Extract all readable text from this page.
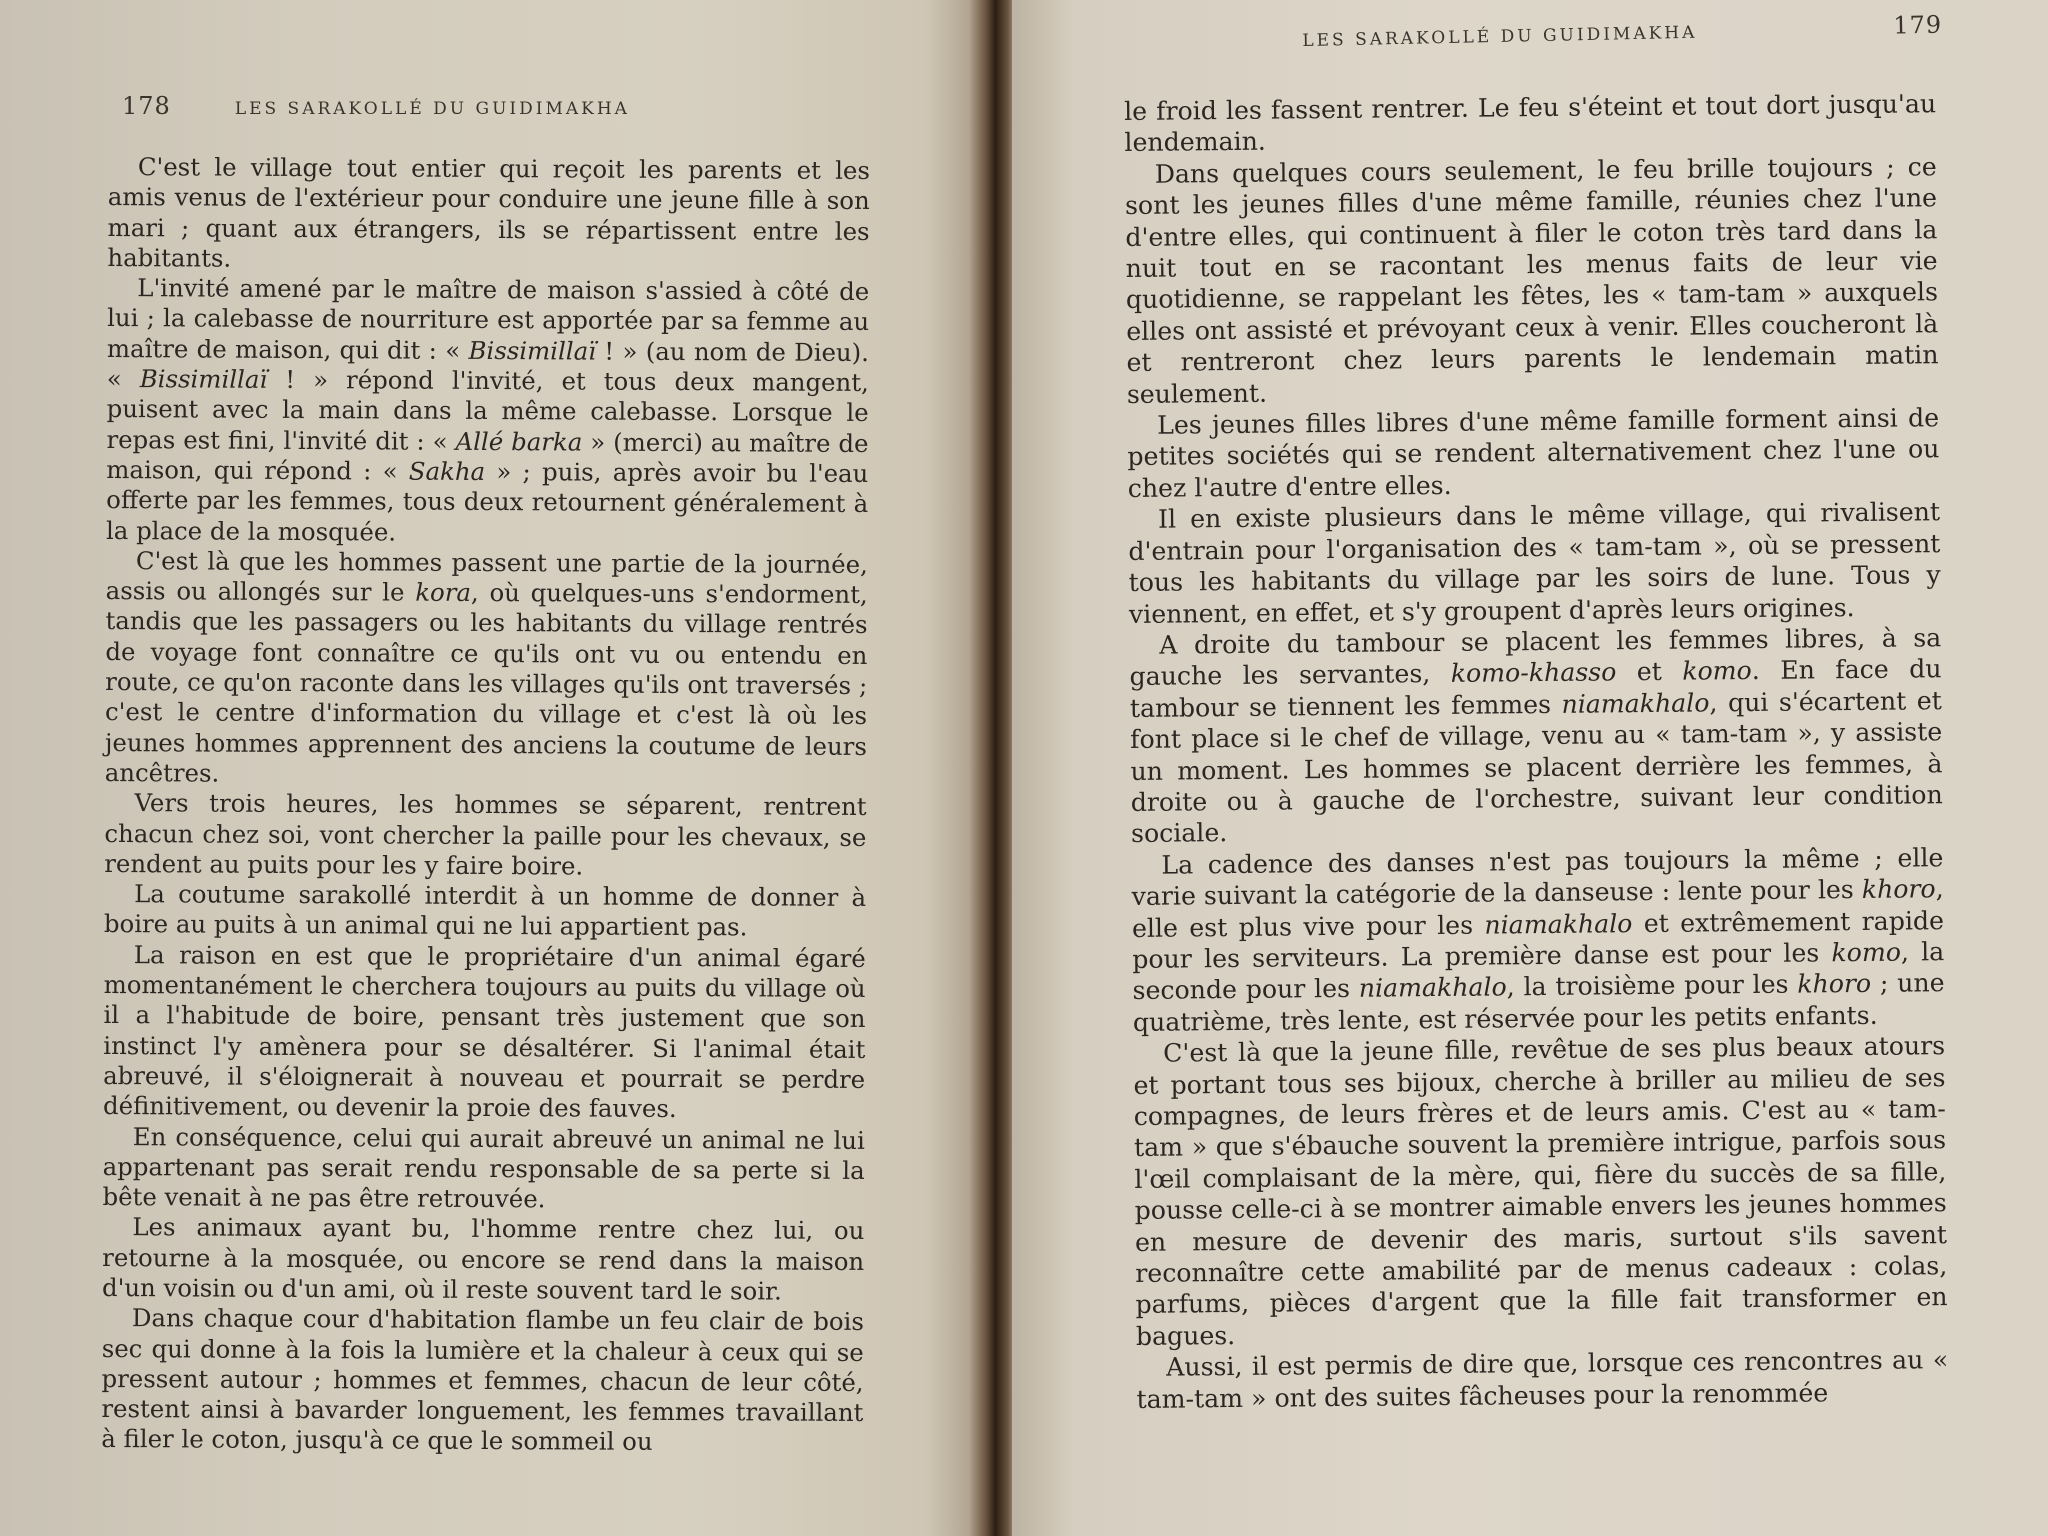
178	LES SARAKOLLÉ DU GUIDIMAKHA

C'est le village tout entier qui reçoit les parents et les amis venus de l'extérieur pour conduire une jeune fille à son mari ; quant aux étrangers, ils se répartissent entre les habitants.

L'invité amené par le maître de maison s'assied à côté de lui ; la calebasse de nourriture est apportée par sa femme au maître de maison, qui dit : « Bissimillaï ! » (au nom de Dieu). « Bissimillaï ! » répond l'invité, et tous deux mangent, puisent avec la main dans la même calebasse. Lorsque le repas est fini, l'invité dit : « Allé barka » (merci) au maître de maison, qui répond : « Sakha » ; puis, après avoir bu l'eau offerte par les femmes, tous deux retournent généralement à la place de la mosquée.

C'est là que les hommes passent une partie de la journée, assis ou allongés sur le kora, où quelques-uns s'endorment, tandis que les passagers ou les habitants du village rentrés de voyage font connaître ce qu'ils ont vu ou entendu en route, ce qu'on raconte dans les villages qu'ils ont traversés ; c'est le centre d'information du village et c'est là où les jeunes hommes apprennent des anciens la coutume de leurs ancêtres.

Vers trois heures, les hommes se séparent, rentrent chacun chez soi, vont chercher la paille pour les chevaux, se rendent au puits pour les y faire boire.

La coutume sarakollé interdit à un homme de donner à boire au puits à un animal qui ne lui appartient pas.

La raison en est que le propriétaire d'un animal égaré momentanément le cherchera toujours au puits du village où il a l'habitude de boire, pensant très justement que son instinct l'y amènera pour se désaltérer. Si l'animal était abreuvé, il s'éloignerait à nouveau et pourrait se perdre définitivement, ou devenir la proie des fauves.

En conséquence, celui qui aurait abreuvé un animal ne lui appartenant pas serait rendu responsable de sa perte si la bête venait à ne pas être retrouvée.

Les animaux ayant bu, l'homme rentre chez lui, ou retourne à la mosquée, ou encore se rend dans la maison d'un voisin ou d'un ami, où il reste souvent tard le soir.

Dans chaque cour d'habitation flambe un feu clair de bois sec qui donne à la fois la lumière et la chaleur à ceux qui se pressent autour ; hommes et femmes, chacun de leur côté, restent ainsi à bavarder longuement, les femmes travaillant à filer le coton, jusqu'à ce que le sommeil ou

LES SARAKOLLÉ DU GUIDIMAKHA	179

le froid les fassent rentrer. Le feu s'éteint et tout dort jusqu'au lendemain.

Dans quelques cours seulement, le feu brille toujours ; ce sont les jeunes filles d'une même famille, réunies chez l'une d'entre elles, qui continuent à filer le coton très tard dans la nuit tout en se racontant les menus faits de leur vie quotidienne, se rappelant les fêtes, les « tam-tam » auxquels elles ont assisté et prévoyant ceux à venir. Elles coucheront là et rentreront chez leurs parents le lendemain matin seulement.

Les jeunes filles libres d'une même famille forment ainsi de petites sociétés qui se rendent alternativement chez l'une ou chez l'autre d'entre elles.

Il en existe plusieurs dans le même village, qui rivalisent d'entrain pour l'organisation des « tam-tam », où se pressent tous les habitants du village par les soirs de lune. Tous y viennent, en effet, et s'y groupent d'après leurs origines.

A droite du tambour se placent les femmes libres, à sa gauche les servantes, komo-khasso et komo. En face du tambour se tiennent les femmes niamakhalo, qui s'écartent et font place si le chef de village, venu au « tam-tam », y assiste un moment. Les hommes se placent derrière les femmes, à droite ou à gauche de l'orchestre, suivant leur condition sociale.

La cadence des danses n'est pas toujours la même ; elle varie suivant la catégorie de la danseuse : lente pour les khoro, elle est plus vive pour les niamakhalo et extrêmement rapide pour les serviteurs. La première danse est pour les komo, la seconde pour les niamakhalo, la troisième pour les khoro ; une quatrième, très lente, est réservée pour les petits enfants.

C'est là que la jeune fille, revêtue de ses plus beaux atours et portant tous ses bijoux, cherche à briller au milieu de ses compagnes, de leurs frères et de leurs amis. C'est au « tam-tam » que s'ébauche souvent la première intrigue, parfois sous l'œil complaisant de la mère, qui, fière du succès de sa fille, pousse celle-ci à se montrer aimable envers les jeunes hommes en mesure de devenir des maris, surtout s'ils savent reconnaître cette amabilité par de menus cadeaux : colas, parfums, pièces d'argent que la fille fait transformer en bagues.

Aussi, il est permis de dire que, lorsque ces rencontres au « tam-tam » ont des suites fâcheuses pour la renommée
